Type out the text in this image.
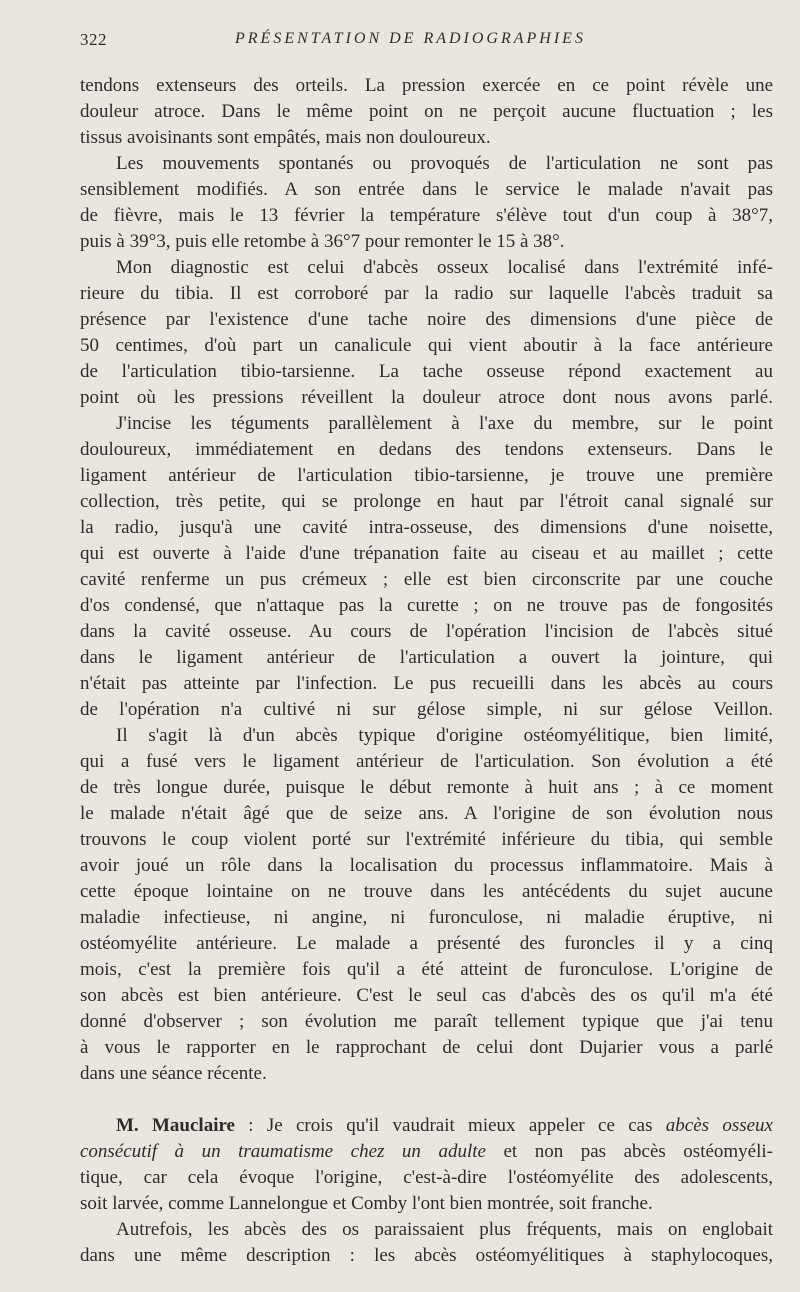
322	PRÉSENTATION DE RADIOGRAPHIES
tendons extenseurs des orteils. La pression exercée en ce point révèle une
douleur atroce. Dans le même point on ne perçoit aucune fluctuation ; les
tissus avoisinants sont empâtés, mais non douloureux.
Les mouvements spontanés ou provoqués de l'articulation ne sont pas
sensiblement modifiés. A son entrée dans le service le malade n'avait pas
de fièvre, mais le 13 février la température s'élève tout d'un coup à 38°7,
puis à 39°3, puis elle retombe à 36°7 pour remonter le 15 à 38°.
Mon diagnostic est celui d'abcès osseux localisé dans l'extrémité infé-
rieure du tibia. Il est corroboré par la radio sur laquelle l'abcès traduit sa
présence par l'existence d'une tache noire des dimensions d'une pièce de
50 centimes, d'où part un canalicule qui vient aboutir à la face antérieure
de l'articulation tibio-tarsienne. La tache osseuse répond exactement au
point où les pressions réveillent la douleur atroce dont nous avons parlé.
J'incise les téguments parallèlement à l'axe du membre, sur le point
douloureux, immédiatement en dedans des tendons extenseurs. Dans le
ligament antérieur de l'articulation tibio-tarsienne, je trouve une première
collection, très petite, qui se prolonge en haut par l'étroit canal signalé sur
la radio, jusqu'à une cavité intra-osseuse, des dimensions d'une noisette,
qui est ouverte à l'aide d'une trépanation faite au ciseau et au maillet ; cette
cavité renferme un pus crémeux ; elle est bien circonscrite par une couche
d'os condensé, que n'attaque pas la curette ; on ne trouve pas de fongosités
dans la cavité osseuse. Au cours de l'opération l'incision de l'abcès situé
dans le ligament antérieur de l'articulation a ouvert la jointure, qui
n'était pas atteinte par l'infection. Le pus recueilli dans les abcès au cours
de l'opération n'a cultivé ni sur gélose simple, ni sur gélose Veillon.
Il s'agit là d'un abcès typique d'origine ostéomyélitique, bien limité,
qui a fusé vers le ligament antérieur de l'articulation. Son évolution a été
de très longue durée, puisque le début remonte à huit ans ; à ce moment
le malade n'était âgé que de seize ans. A l'origine de son évolution nous
trouvons le coup violent porté sur l'extrémité inférieure du tibia, qui semble
avoir joué un rôle dans la localisation du processus inflammatoire. Mais à
cette époque lointaine on ne trouve dans les antécédents du sujet aucune
maladie infectieuse, ni angine, ni furonculose, ni maladie éruptive, ni
ostéomyélite antérieure. Le malade a présenté des furoncles il y a cinq
mois, c'est la première fois qu'il a été atteint de furonculose. L'origine de
son abcès est bien antérieure. C'est le seul cas d'abcès des os qu'il m'a été
donné d'observer ; son évolution me paraît tellement typique que j'ai tenu
à vous le rapporter en le rapprochant de celui dont Dujarier vous a parlé
dans une séance récente.
M. Mauclaire : Je crois qu'il vaudrait mieux appeler ce cas abcès osseux
consécutif à un traumatisme chez un adulte et non pas abcès ostéomyéli-
tique, car cela évoque l'origine, c'est-à-dire l'ostéomyélite des adolescents,
soit larvée, comme Lannelongue et Comby l'ont bien montrée, soit franche.
Autrefois, les abcès des os paraissaient plus fréquents, mais on englobait
dans une même description : les abcès ostéomyélitiques à staphylocoques,
